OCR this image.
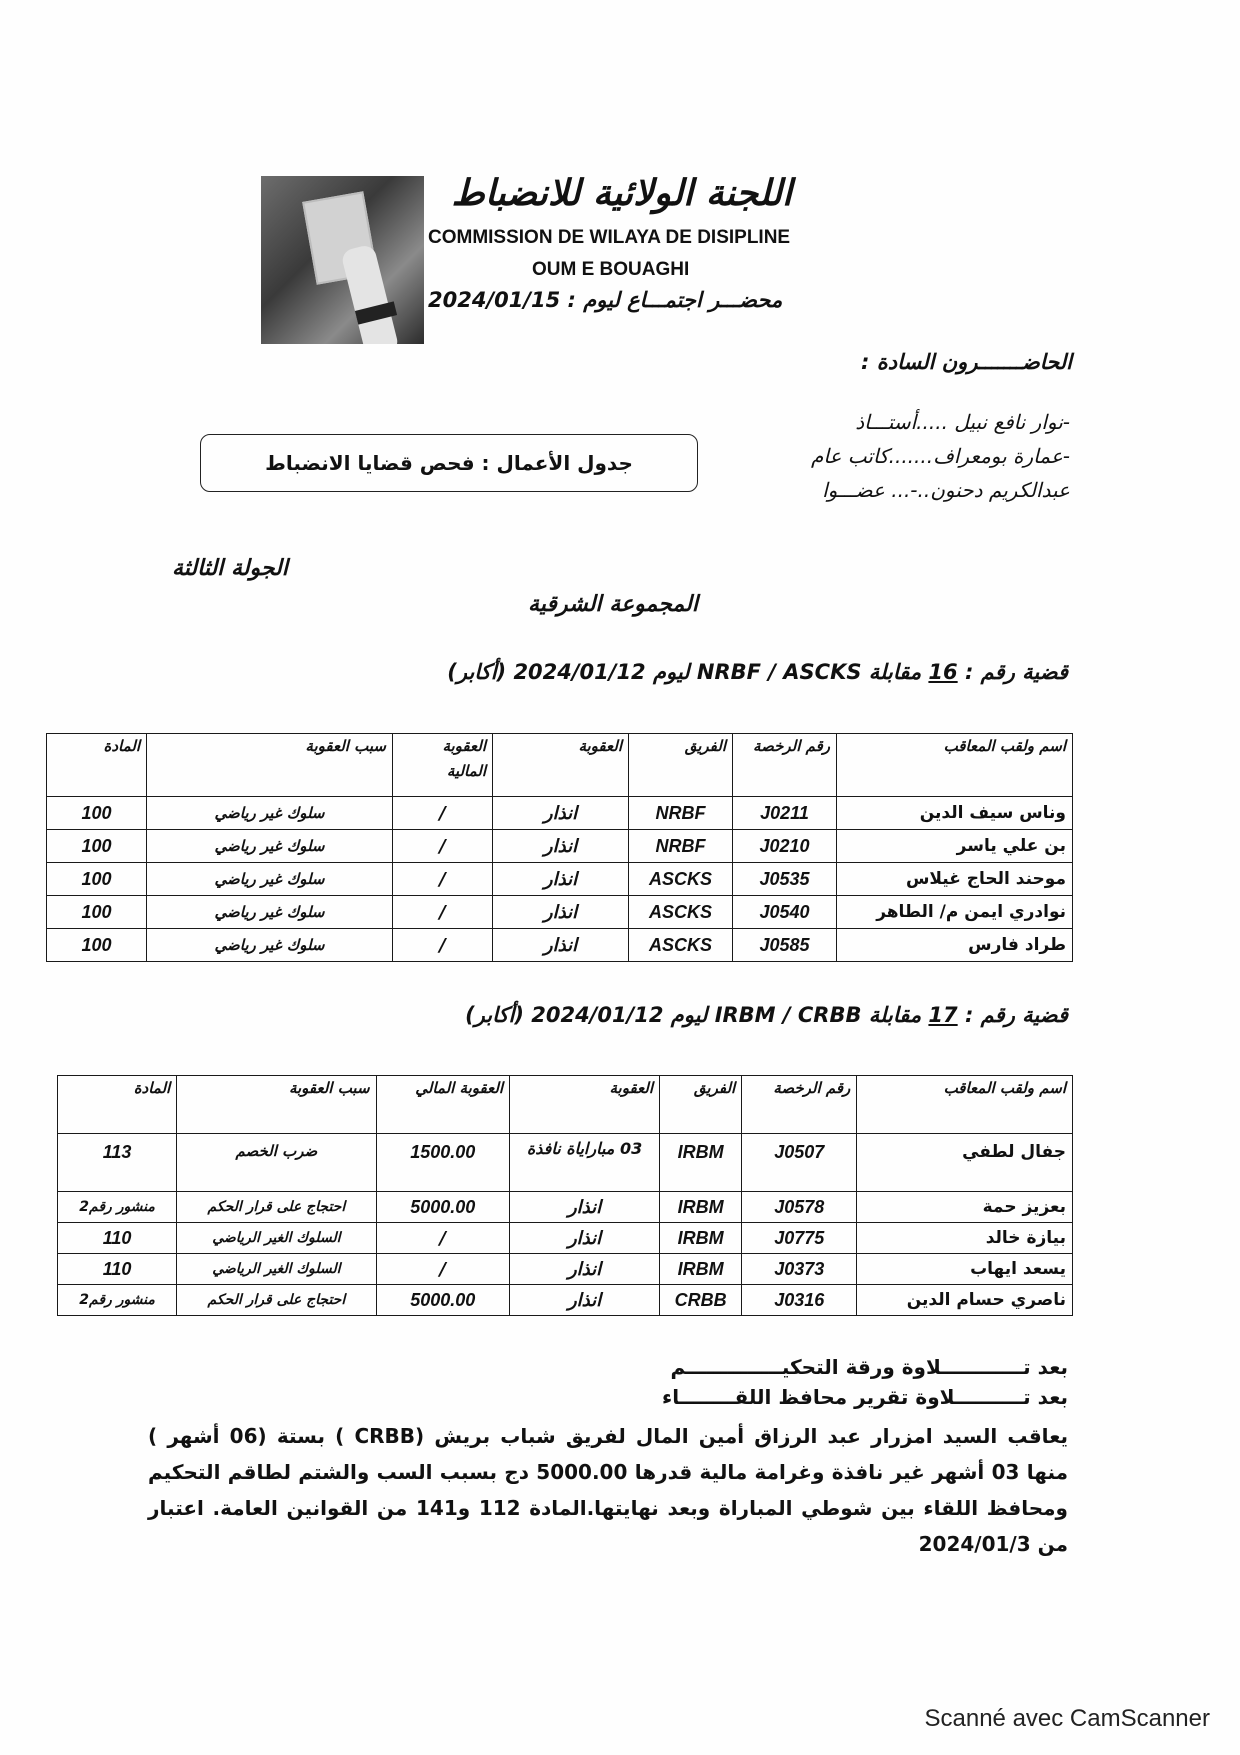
اللجنة الولائية للانضباط
COMMISSION DE WILAYA DE DISIPLINE
OUM E BOUAGHI
2024/01/15 محضـــر اجتمـــاع ليوم :
الحاضـــــــرون السادة :
-نوار نافع نبيل .....أستـــاذ
-عمارة بومعراف.......كاتب عام
عبدالكريم دحنون..-... عضـــوا
جدول الأعمال : فحص قضايا الانضباط
الجولة الثالثة
المجموعة الشرقية
قضية رقم : 16 مقابلة NRBF / ASCKS ليوم 2024/01/12 (أكابر)
اسم ولقب المعاقب	رقم الرخصة	الفريق	العقوبة	العقوبة المالية	سبب العقوبة	المادة
وناس سيف الدين	J0211	NRBF	انذار	/	سلوك غير رياضي	100
بن علي ياسر	J0210	NRBF	انذار	/	سلوك غير رياضي	100
موحند الحاج غيلاس	J0535	ASCKS	انذار	/	سلوك غير رياضي	100
نوادري ايمن م/ الطاهر	J0540	ASCKS	انذار	/	سلوك غير رياضي	100
طراد فارس	J0585	ASCKS	انذار	/	سلوك غير رياضي	100
قضية رقم : 17 مقابلة IRBM / CRBB ليوم 2024/01/12 (أكابر)
اسم ولقب المعاقب	رقم الرخصة	الفريق	العقوبة	العقوبة المالي	سبب العقوبة	المادة
جفال لطفي	J0507	IRBM	03 مباراياة نافذة	1500.00	ضرب الخصم	113
بعزيز حمة	J0578	IRBM	انذار	5000.00	احتجاج على قرار الحكم	منشور رقم2
بيازة خالد	J0775	IRBM	انذار	/	السلوك الغير الرياضي	110
يسعد ايهاب	J0373	IRBM	انذار	/	السلوك الغير الرياضي	110
ناصري حسام الدين	J0316	CRBB	انذار	5000.00	احتجاج على قرار الحكم	منشور رقم2
بعد تــــــــــــلاوة ورقة التحكيــــــــــــــم
بعد تــــــــــلاوة تقرير محافظ اللقــــــــاء
يعاقب السيد امزرار عبد الرزاق أمين المال لفريق شباب بريش (CRBB ) بستة (06 أشهر ) منها 03 أشهر غير نافذة وغرامة مالية قدرها 5000.00 دج بسبب السب والشتم لطاقم التحكيم ومحافظ اللقاء بين شوطي المباراة وبعد نهايتها.المادة 112 و141 من القوانين العامة. اعتبار من 2024/01/3
Scanné avec CamScanner
